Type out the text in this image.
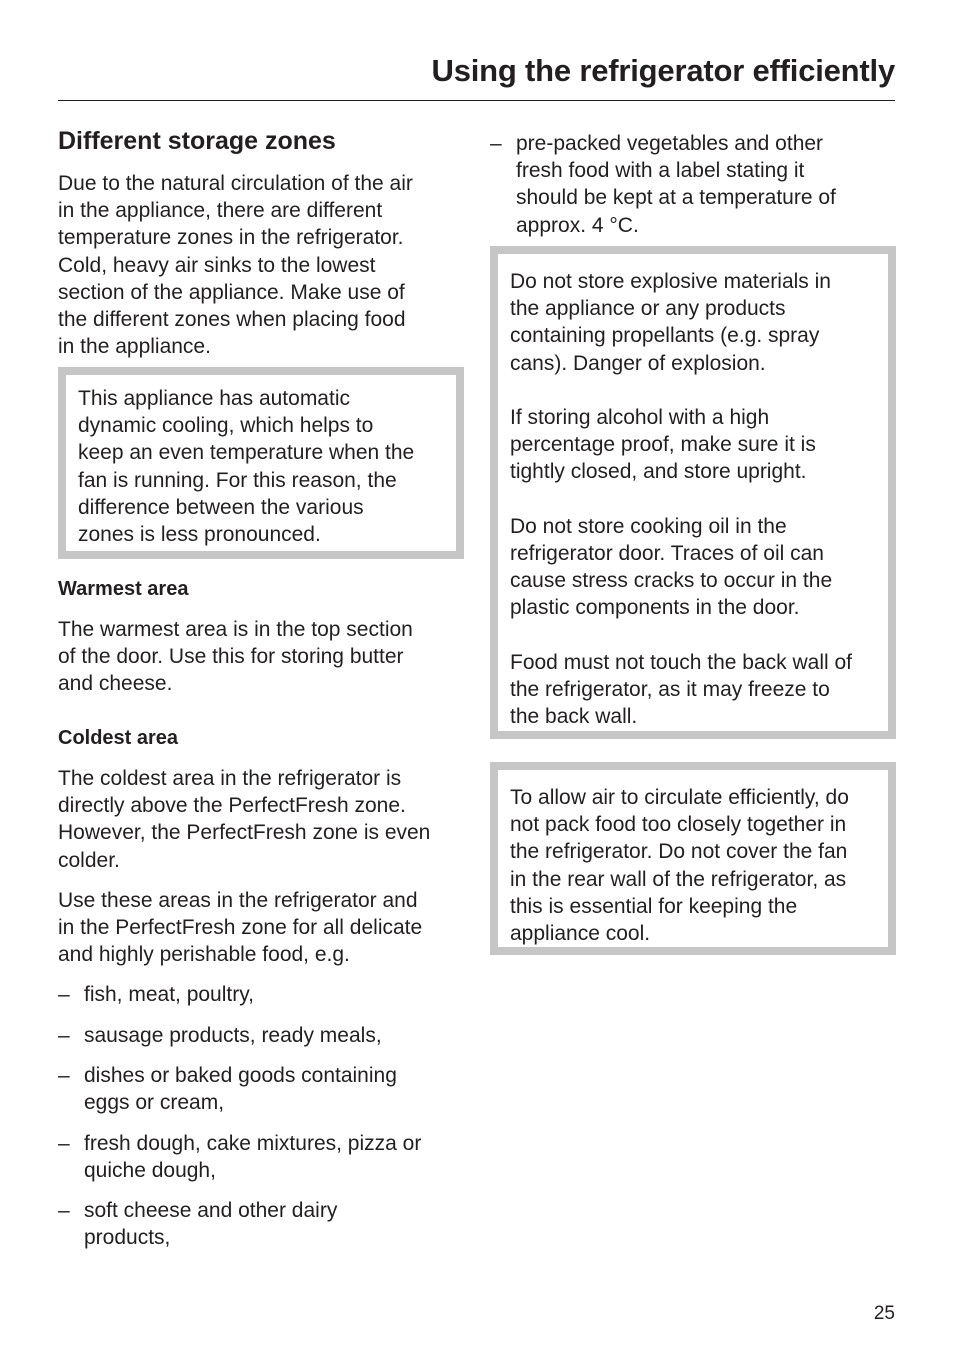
Using the refrigerator efficiently
Different storage zones
Due to the natural circulation of the air
in the appliance, there are different
temperature zones in the refrigerator.
Cold, heavy air sinks to the lowest
section of the appliance. Make use of
the different zones when placing food
in the appliance.
This appliance has automatic
dynamic cooling, which helps to
keep an even temperature when the
fan is running. For this reason, the
difference between the various
zones is less pronounced.
Warmest area
The warmest area is in the top section
of the door. Use this for storing butter
and cheese.
Coldest area
The coldest area in the refrigerator is
directly above the PerfectFresh zone.
However, the PerfectFresh zone is even
colder.
Use these areas in the refrigerator and
in the PerfectFresh zone for all delicate
and highly perishable food, e.g.
– fish, meat, poultry,
– sausage products, ready meals,
– dishes or baked goods containing
eggs or cream,
– fresh dough, cake mixtures, pizza or
quiche dough,
– soft cheese and other dairy
products,
– pre-packed vegetables and other
fresh food with a label stating it
should be kept at a temperature of
approx. 4 °C.
Do not store explosive materials in
the appliance or any products
containing propellants (e.g. spray
cans). Danger of explosion.
If storing alcohol with a high
percentage proof, make sure it is
tightly closed, and store upright.
Do not store cooking oil in the
refrigerator door. Traces of oil can
cause stress cracks to occur in the
plastic components in the door.
Food must not touch the back wall of
the refrigerator, as it may freeze to
the back wall.
To allow air to circulate efficiently, do
not pack food too closely together in
the refrigerator. Do not cover the fan
in the rear wall of the refrigerator, as
this is essential for keeping the
appliance cool.

25
